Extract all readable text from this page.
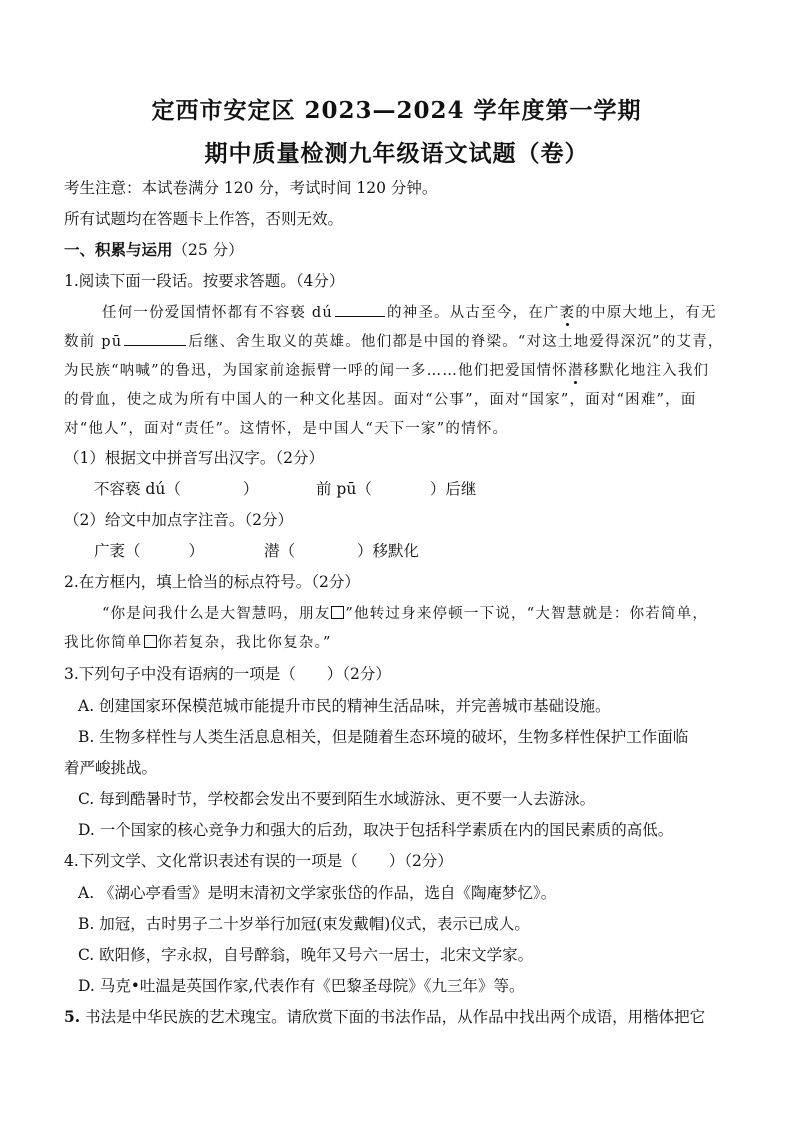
定西市安定区 2023—2024 学年度第一学期
期中质量检测九年级语文试题（卷）
考生注意：本试卷满分 120 分，考试时间 120 分钟。
所有试题均在答题卡上作答，否则无效。
一、积累与运用（25 分）
1.阅读下面一段话。按要求答题。（4分）
任何一份爱国情怀都有不容亵 dú	的神圣。从古至今，在广袤的中原大地上，有无
数前 pū	后继、舍生取义的英雄。他们都是中国的脊梁。“对这土地爱得深沉”的艾青，
为民族“呐喊”的鲁迅，为国家前途振臂一呼的闻一多……他们把爱国情怀潜移默化地注入我们
的骨血，使之成为所有中国人的一种文化基因。面对“公事”，面对“国家”，面对“困难”，面
对“他人”，面对“责任”。这情怀，是中国人“天下一家”的情怀。
（1）根据文中拼音写出汉字。（2分）
不容亵 dú（	）	前 pū（	）后继
（2）给文中加点字注音。（2分）
广袤（	）	潜（	）移默化
2.在方框内，填上恰当的标点符号。（2分）
“你是问我什么是大智慧吗，朋友 ”他转过身来停顿一下说，“大智慧就是：你若简单，
我比你简单 你若复杂，我比你复杂。”
3.下列句子中没有语病的一项是（　　）（2分）
A. 创建国家环保模范城市能提升市民的精神生活品味，并完善城市基础设施。
B. 生物多样性与人类生活息息相关，但是随着生态环境的破坏，生物多样性保护工作面临
着严峻挑战。
C. 每到酷暑时节，学校都会发出不要到陌生水域游泳、更不要一人去游泳。
D. 一个国家的核心竞争力和强大的后劲，取决于包括科学素质在内的国民素质的高低。
4.下列文学、文化常识表述有误的一项是（　　）（2分）
A. 《湖心亭看雪》是明末清初文学家张岱的作品，选自《陶庵梦忆》。
B. 加冠，古时男子二十岁举行加冠(束发戴帽)仪式，表示已成人。
C. 欧阳修，字永叔，自号醉翁，晚年又号六一居士，北宋文学家。
D. 马克•吐温是英国作家,代表作有《巴黎圣母院》《九三年》等。
5. 书法是中华民族的艺术瑰宝。请欣赏下面的书法作品，从作品中找出两个成语，用楷体把它
